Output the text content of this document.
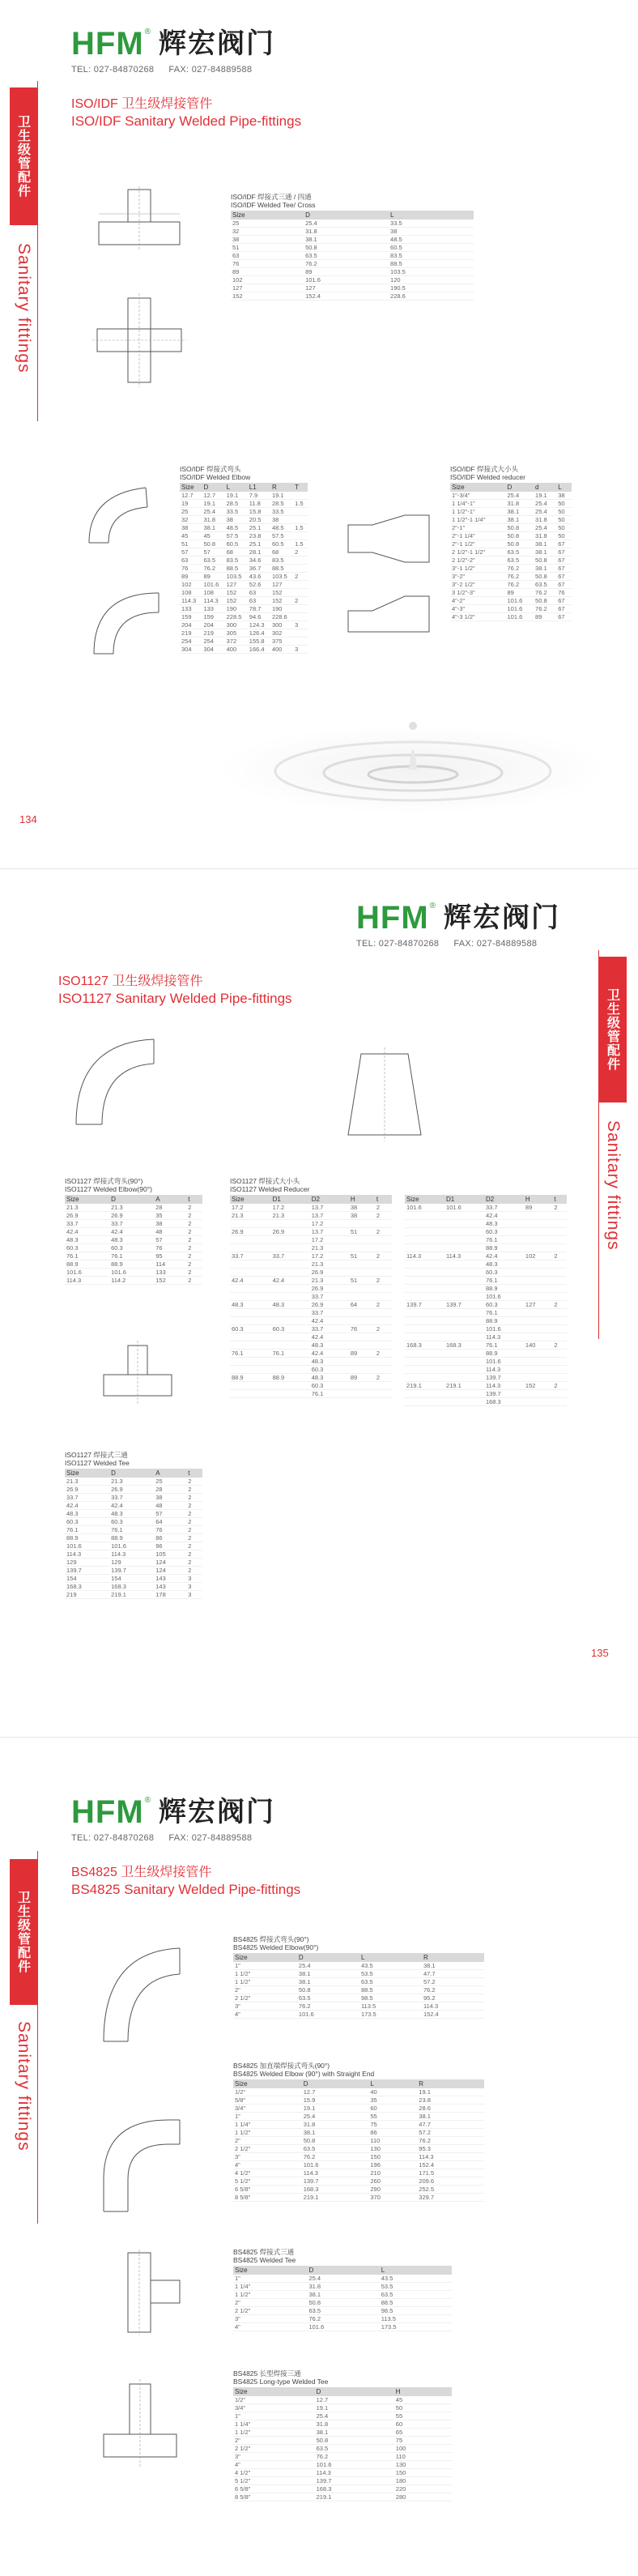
HFM ® 辉宏阀门
TEL: 027-84870268 FAX: 027-84889588
ISO/IDF 卫生级焊接管件
ISO/IDF Sanitary Welded Pipe-fittings
卫生级管配件
Sanitary fittings
ISO/IDF 焊接式三通 / 四通
ISO/IDF Welded Tee/ Cross
Size	D	L
25	25.4	33.5
32	31.8	38
38	38.1	48.5
51	50.8	60.5
63	63.5	83.5
76	76.2	88.5
89	89	103.5
102	101.6	120
127	127	190.5
152	152.4	228.6
ISO/IDF 焊接式弯头
ISO/IDF Welded Elbow
Size	D	L	L1	R	T
12.7	12.7	19.1	7.9	19.1	
19	19.1	28.5	11.8	28.5	1.5
25	25.4	33.5	15.8	33.5	
32	31.8	38	20.5	38	
38	38.1	48.5	25.1	48.5	1.5
45	45	57.5	23.8	57.5	
51	50.8	60.5	25.1	60.5	1.5
57	57	68	28.1	68	2
63	63.5	83.5	34.6	83.5	
76	76.2	88.5	36.7	88.5	
89	89	103.5	43.6	103.5	2
102	101.6	127	52.6	127	
108	108	152	63	152	
114.3	114.3	152	63	152	2
133	133	190	78.7	190	
159	159	228.5	94.6	228.6	
204	204	300	124.3	300	3
219	219	305	126.4	302	
254	254	372	155.8	375	
304	304	400	166.4	400	3
ISO/IDF 焊接式大小头
ISO/IDF Welded reducer
Size	D	d	L
1"-3/4"	25.4	19.1	38
1 1/4"-1"	31.8	25.4	50
1 1/2"-1"	38.1	25.4	50
1 1/2"-1 1/4"	38.1	31.8	50
2"-1"	50.8	25.4	50
2"-1 1/4"	50.8	31.8	50
2"-1 1/2"	50.8	38.1	67
2 1/2"-1 1/2"	63.5	38.1	67
2 1/2"-2"	63.5	50.8	67
3"-1 1/2"	76.2	38.1	67
3"-2"	76.2	50.8	67
3"-2 1/2"	76.2	63.5	67
3 1/2"-3"	89	76.2	76
4"-2"	101.6	50.8	67
4"-3"	101.6	76.2	67
4"-3 1/2"	101.6	89	67
134
HFM ® 辉宏阀门
TEL: 027-84870268 FAX: 027-84889588
ISO1127 卫生级焊接管件
ISO1127 Sanitary Welded Pipe-fittings	卫生级管配件
Sanitary fittings
ISO1127 焊接式弯头(90°)
ISO1127 Welded Elbow(90°)
Size	D	A	t
21.3	21.3	28	2
26.9	26.9	35	2
33.7	33.7	38	2
42.4	42.4	48	2
48.3	48.3	57	2
60.3	60.3	76	2
76.1	76.1	95	2
88.9	88.9	114	2
101.6	101.6	133	2
114.3	114.2	152	2
ISO1127 焊接式三通
ISO1127 Welded Tee
Size	D	A	t
21.3	21.3	25	2
26.9	26.9	28	2
33.7	33.7	38	2
42.4	42.4	48	2
48.3	48.3	57	2
60.3	60.3	64	2
76.1	76.1	76	2
88.9	88.9	86	2
101.6	101.6	96	2
114.3	114.3	105	2
129	129	124	2
139.7	139.7	124	2
154	154	143	3
168.3	168.3	143	3
219	219.1	178	3
ISO1127 焊接式大小头
ISO1127 Welded Reducer
Size	D1	D2	H	t
17.2	17.2	13.7	38	2
21.3	21.3	13.7	38	2
		17.2		
26.9	26.9	13.7	51	2
		17.2		
		21.3		
33.7	33.7	17.2	51	2
		21.3		
		26.9		
42.4	42.4	21.3	51	2
		26.9		
		33.7		
48.3	48.3	26.9	64	2
		33.7		
		42.4		
60.3	60.3	33.7	76	2
		42.4		
		48.3		
76.1	76.1	42.4	89	2
		48.3		
		60.3		
88.9	88.9	48.3	89	2
		60.3		
		76.1		
Size	D1	D2	H	t
101.6	101.6	33.7	89	2
		42.4		
		48.3		
		60.3		
		76.1		
		88.9		
114.3	114.3	42.4	102	2
		48.3		
		60.3		
		76.1		
		88.9		
		101.6		
139.7	139.7	60.3	127	2
		76.1		
		88.9		
		101.6		
		114.3		
168.3	168.3	76.1	140	2
		88.9		
		101.6		
		114.3		
		139.7		
219.1	219.1	114.3	152	2
		139.7		
		168.3		
135
HFM ® 辉宏阀门
TEL: 027-84870268 FAX: 027-84889588
BS4825 卫生级焊接管件
BS4825 Sanitary Welded Pipe-fittings
卫生级管配件
Sanitary fittings
BS4825 焊接式弯头(90°)
BS4825 Welded Elbow(90°)
Size	D	L	R
1"	25.4	43.5	38.1
1 1/2"	38.1	53.5	47.7
1 1/2"	38.1	63.5	57.2
2"	50.8	88.5	76.2
2 1/2"	63.5	98.5	95.2
3"	76.2	113.5	114.3
4"	101.6	173.5	152.4
BS4825 加直端焊接式弯头(90°)
BS4825 Welded Elbow (90°) with Straight End
Size	D	L	R
1/2"	12.7	40	19.1
5/8"	15.9	35	23.8
3/4"	19.1	60	28.6
1"	25.4	55	38.1
1 1/4"	31.8	75	47.7
1 1/2"	38.1	86	57.2
2"	50.8	110	76.2
2 1/2"	63.5	130	95.3
3"	76.2	150	114.3
4"	101.6	196	152.4
4 1/2"	114.3	210	171.5
5 1/2"	139.7	260	209.6
6 5/8"	168.3	290	252.5
8 5/8"	219.1	370	329.7
BS4825 焊接式三通
BS4825 Welded Tee
Size	D	L
1"	25.4	43.5
1 1/4"	31.8	53.5
1 1/2"	38.1	63.5
2"	50.8	88.5
2 1/2"	63.5	98.5
3"	76.2	113.5
4"	101.6	173.5
BS4825 长型焊接三通
BS4825 Long-type Welded Tee
Size	D	H
1/2"	12.7	45
3/4"	19.1	50
1"	25.4	55
1 1/4"	31.8	60
1 1/2"	38.1	65
2"	50.8	75
2 1/2"	63.5	100
3"	76.2	110
4"	101.6	130
4 1/2"	114.3	150
5 1/2"	139.7	180
6 5/8"	168.3	220
8 5/8"	219.1	280
